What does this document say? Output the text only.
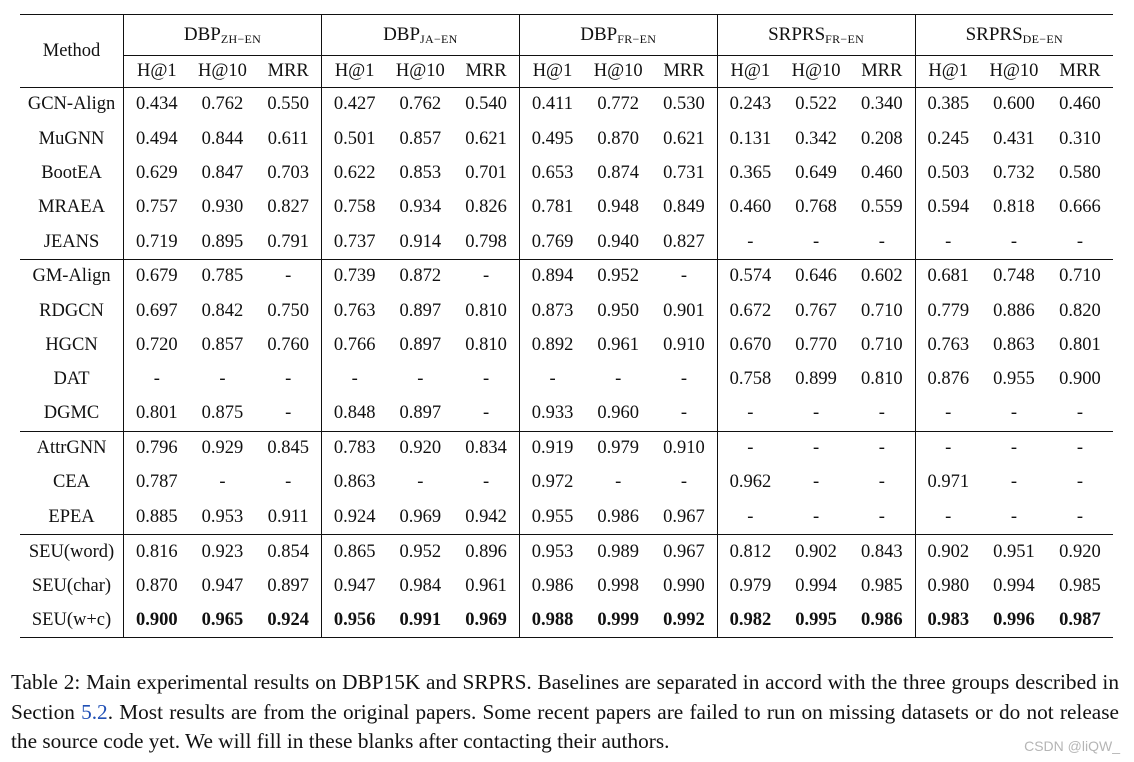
Method	$DBP_{ZH-EN}$			$DBP_{JA-EN}$			$DBP_{FR-EN}$			$SRPRS_{FR-EN}$			$SRPRS_{DE-EN}$
	H@1	H@10	MRR	H@1	H@10	MRR	H@1	H@10	MRR	H@1	H@10	MRR	H@1	H@10	MRR
GCN-Align	0.434	0.762	0.550	0.427	0.762	0.540	0.411	0.772	0.530	0.243	0.522	0.340	0.385	0.600	0.460
MuGNN	0.494	0.844	0.611	0.501	0.857	0.621	0.495	0.870	0.621	0.131	0.342	0.208	0.245	0.431	0.310
BootEA	0.629	0.847	0.703	0.622	0.853	0.701	0.653	0.874	0.731	0.365	0.649	0.460	0.503	0.732	0.580
MRAEA	0.757	0.930	0.827	0.758	0.934	0.826	0.781	0.948	0.849	0.460	0.768	0.559	0.594	0.818	0.666
JEANS	0.719	0.895	0.791	0.737	0.914	0.798	0.769	0.940	0.827	-	-	-	-	-	-
GM-Align	0.679	0.785	-	0.739	0.872	-	0.894	0.952	-	0.574	0.646	0.602	0.681	0.748	0.710
RDGCN	0.697	0.842	0.750	0.763	0.897	0.810	0.873	0.950	0.901	0.672	0.767	0.710	0.779	0.886	0.820
HGCN	0.720	0.857	0.760	0.766	0.897	0.810	0.892	0.961	0.910	0.670	0.770	0.710	0.763	0.863	0.801
DAT	-	-	-	-	-	-	-	-	-	0.758	0.899	0.810	0.876	0.955	0.900
DGMC	0.801	0.875	-	0.848	0.897	-	0.933	0.960	-	-	-	-	-	-	-
AttrGNN	0.796	0.929	0.845	0.783	0.920	0.834	0.919	0.979	0.910	-	-	-	-	-	-
CEA	0.787	-	-	0.863	-	-	0.972	-	-	0.962	-	-	0.971	-	-
EPEA	0.885	0.953	0.911	0.924	0.969	0.942	0.955	0.986	0.967	-	-	-	-	-	-
SEU(word)	0.816	0.923	0.854	0.865	0.952	0.896	0.953	0.989	0.967	0.812	0.902	0.843	0.902	0.951	0.920
SEU(char)	0.870	0.947	0.897	0.947	0.984	0.961	0.986	0.998	0.990	0.979	0.994	0.985	0.980	0.994	0.985
SEU(w+c)	0.900	0.965	0.924	0.956	0.991	0.969	0.988	0.999	0.992	0.982	0.995	0.986	0.983	0.996	0.987
Table 2: Main experimental results on DBP15K and SRPRS. Baselines are separated in accord with the three groups described in Section 5.2. Most results are from the original papers. Some recent papers are failed to run on missing datasets or do not release the source code yet. We will fill in these blanks after contacting their authors.	CSDN @liQW_
